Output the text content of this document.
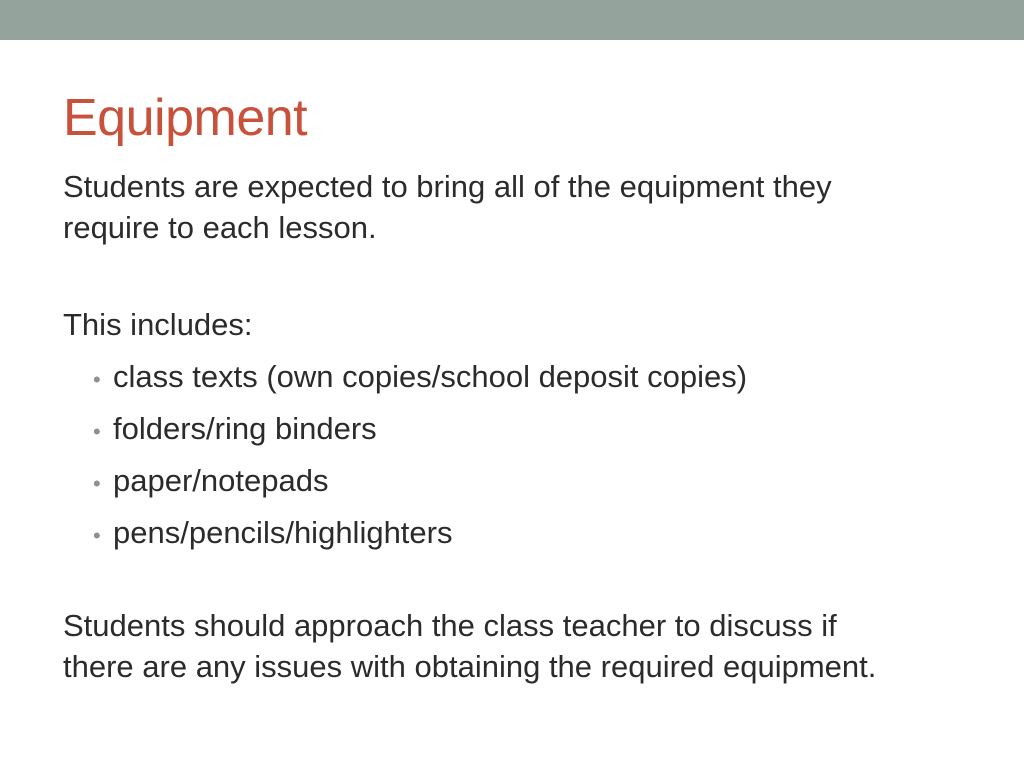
Equipment

Students are expected to bring all of the equipment they
require to each lesson.

This includes:

• class texts (own copies/school deposit copies)
• folders/ring binders
• paper/notepads
• pens/pencils/highlighters

Students should approach the class teacher to discuss if
there are any issues with obtaining the required equipment.
